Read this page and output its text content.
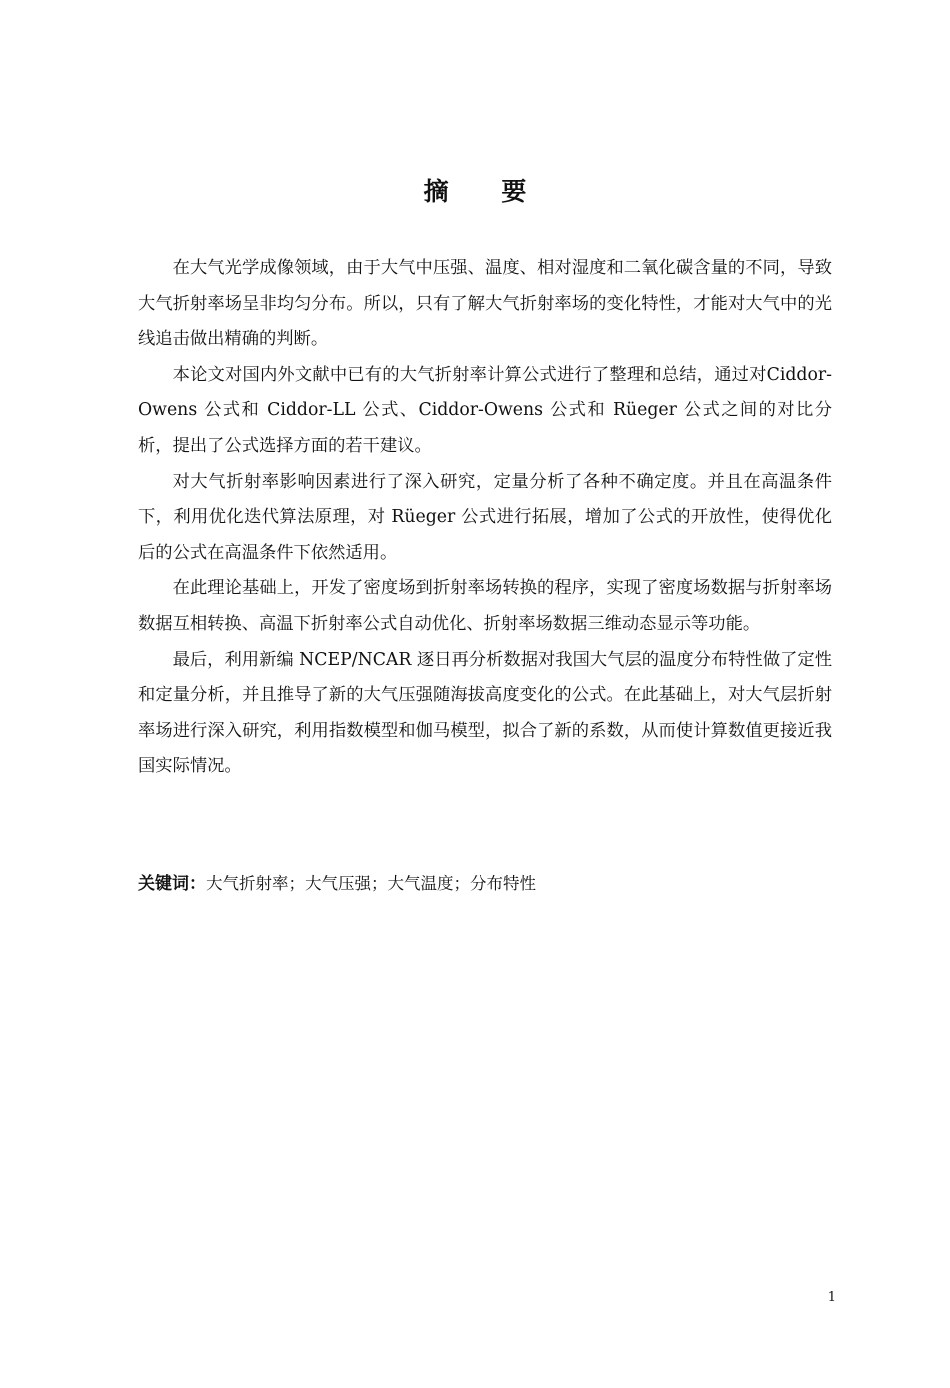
摘 要

在大气光学成像领域，由于大气中压强、温度、相对湿度和二氧化碳含量的不同，导致大气折射率场呈非均匀分布。所以，只有了解大气折射率场的变化特性，才能对大气中的光线追击做出精确的判断。

本论文对国内外文献中已有的大气折射率计算公式进行了整理和总结，通过对Ciddor-Owens 公式和 Ciddor-LL 公式、Ciddor-Owens 公式和 Rüeger 公式之间的对比分析，提出了公式选择方面的若干建议。

对大气折射率影响因素进行了深入研究，定量分析了各种不确定度。并且在高温条件下，利用优化迭代算法原理，对 Rüeger 公式进行拓展，增加了公式的开放性，使得优化后的公式在高温条件下依然适用。

在此理论基础上，开发了密度场到折射率场转换的程序，实现了密度场数据与折射率场数据互相转换、高温下折射率公式自动优化、折射率场数据三维动态显示等功能。

最后，利用新编 NCEP/NCAR 逐日再分析数据对我国大气层的温度分布特性做了定性和定量分析，并且推导了新的大气压强随海拔高度变化的公式。在此基础上，对大气层折射率场进行深入研究，利用指数模型和伽马模型，拟合了新的系数，从而使计算数值更接近我国实际情况。

关键词：大气折射率；大气压强；大气温度；分布特性
1
